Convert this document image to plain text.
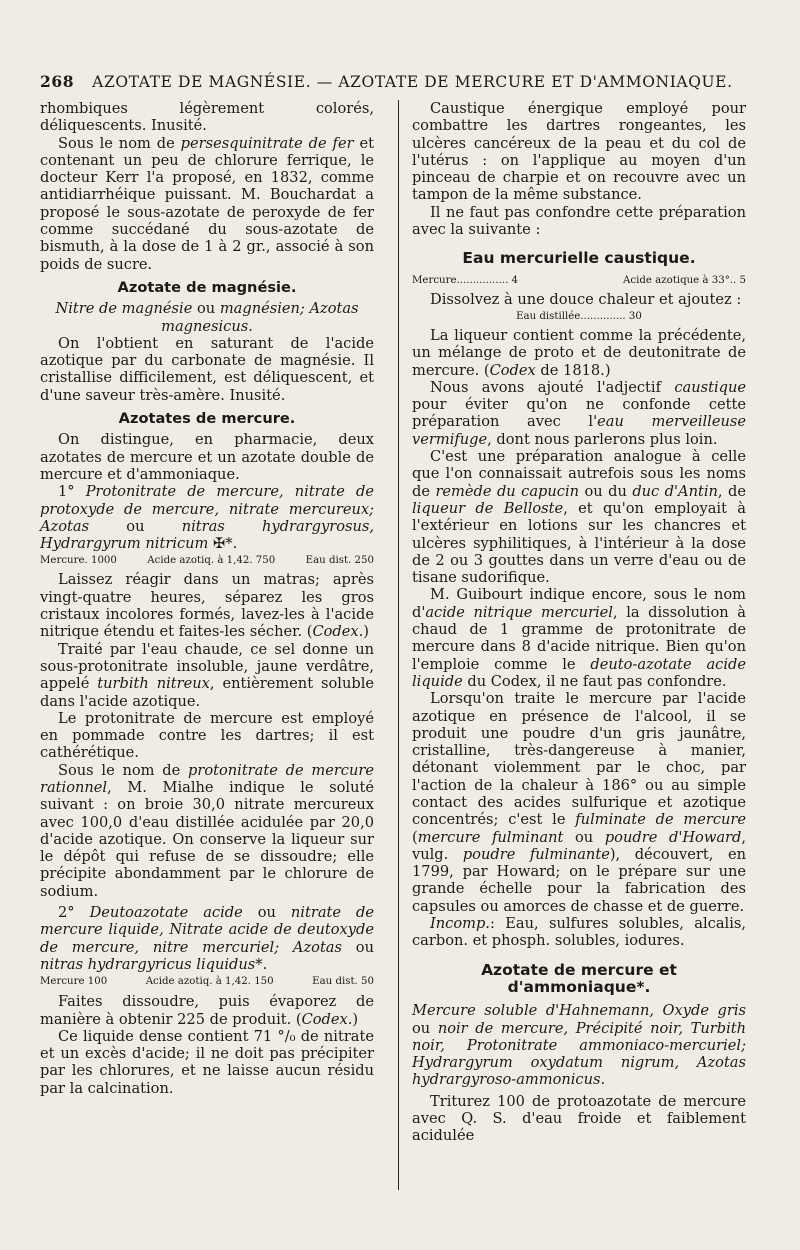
268 AZOTATE DE MAGNÉSIE. — AZOTATE DE MERCURE ET D'AMMONIAQUE.

rhombiques légèrement colorés, déliquescents. Inusité.

Sous le nom de persesquinitrate de fer et contenant un peu de chlorure ferrique, le docteur Kerr l'a proposé, en 1832, comme antidiarrhéique puissant. M. Bouchardat a proposé le sous-azotate de peroxyde de fer comme succédané du sous-azotate de bismuth, à la dose de 1 à 2 gr., associé à son poids de sucre.

Azotate de magnésie.

Nitre de magnésie ou magnésien; Azotas magnesicus.

On l'obtient en saturant de l'acide azotique par du carbonate de magnésie. Il cristallise difficilement, est déliquescent, et d'une saveur très-amère. Inusité.

Azotates de mercure.

On distingue, en pharmacie, deux azotates de mercure et un azotate double de mercure et d'ammoniaque.

1° Protonitrate de mercure, nitrate de protoxyde de mercure, nitrate mercureux; Azotas ou nitras hydrargyrosus, Hydrargyrum nitricum ✠*.

Mercure. 1000	Acide azotiq. à 1,42. 750	Eau dist. 250

Laissez réagir dans un matras; après vingt-quatre heures, séparez les gros cristaux incolores formés, lavez-les à l'acide nitrique étendu et faites-les sécher. (Codex.)

Traité par l'eau chaude, ce sel donne un sous-protonitrate insoluble, jaune verdâtre, appelé turbith nitreux, entièrement soluble dans l'acide azotique.

Le protonitrate de mercure est employé en pommade contre les dartres; il est cathérétique.

Sous le nom de protonitrate de mercure rationnel, M. Mialhe indique le soluté suivant : on broie 30,0 nitrate mercureux avec 100,0 d'eau distillée acidulée par 20,0 d'acide azotique. On conserve la liqueur sur le dépôt qui refuse de se dissoudre; elle précipite abondamment par le chlorure de sodium.

2° Deutoazotate acide ou nitrate de mercure liquide, Nitrate acide de deutoxyde de mercure, nitre mercuriel; Azotas ou nitras hydrargyricus liquidus*.

Mercure 100	Acide azotiq. à 1,42. 150	Eau dist. 50

Faites dissoudre, puis évaporez de manière à obtenir 225 de produit. (Codex.)

Ce liquide dense contient 71 °/₀ de nitrate et un excès d'acide; il ne doit pas précipiter par les chlorures, et ne laisse aucun résidu par la calcination.

Caustique énergique employé pour combattre les dartres rongeantes, les ulcères cancéreux de la peau et du col de l'utérus : on l'applique au moyen d'un pinceau de charpie et on recouvre avec un tampon de la même substance.

Il ne faut pas confondre cette préparation avec la suivante :

Eau mercurielle caustique.
Mercure................ 4	Acide azotique à 33°.. 5

Dissolvez à une douce chaleur et ajoutez :

Eau distillée.............. 30

La liqueur contient comme la précédente, un mélange de proto et de deutonitrate de mercure. (Codex de 1818.)

Nous avons ajouté l'adjectif caustique pour éviter qu'on ne confonde cette préparation avec l'eau merveilleuse vermifuge, dont nous parlerons plus loin.

C'est une préparation analogue à celle que l'on connaissait autrefois sous les noms de remède du capucin ou du duc d'Antin, de liqueur de Belloste, et qu'on employait à l'extérieur en lotions sur les chancres et ulcères syphilitiques, à l'intérieur à la dose de 2 ou 3 gouttes dans un verre d'eau ou de tisane sudorifique.

M. Guibourt indique encore, sous le nom d'acide nitrique mercuriel, la dissolution à chaud de 1 gramme de protonitrate de mercure dans 8 d'acide nitrique. Bien qu'on l'emploie comme le deuto-azotate acide liquide du Codex, il ne faut pas confondre.

Lorsqu'on traite le mercure par l'acide azotique en présence de l'alcool, il se produit une poudre d'un gris jaunâtre, cristalline, très-dangereuse à manier, détonant violemment par le choc, par l'action de la chaleur à 186° ou au simple contact des acides sulfurique et azotique concentrés; c'est le fulminate de mercure (mercure fulminant ou poudre d'Howard, vulg. poudre fulminante), découvert, en 1799, par Howard; on le prépare sur une grande échelle pour la fabrication des capsules ou amorces de chasse et de guerre.

Incomp.: Eau, sulfures solubles, alcalis, carbon. et phosph. solubles, iodures.

Azotate de mercure et d'ammoniaque*.

Mercure soluble d'Hahnemann, Oxyde gris ou noir de mercure, Précipité noir, Turbith noir, Protonitrate ammoniaco-mercuriel; Hydrargyrum oxydatum nigrum, Azotas hydrargyroso-ammonicus.

Triturez 100 de protoazotate de mercure avec Q. S. d'eau froide et faiblement acidulée
